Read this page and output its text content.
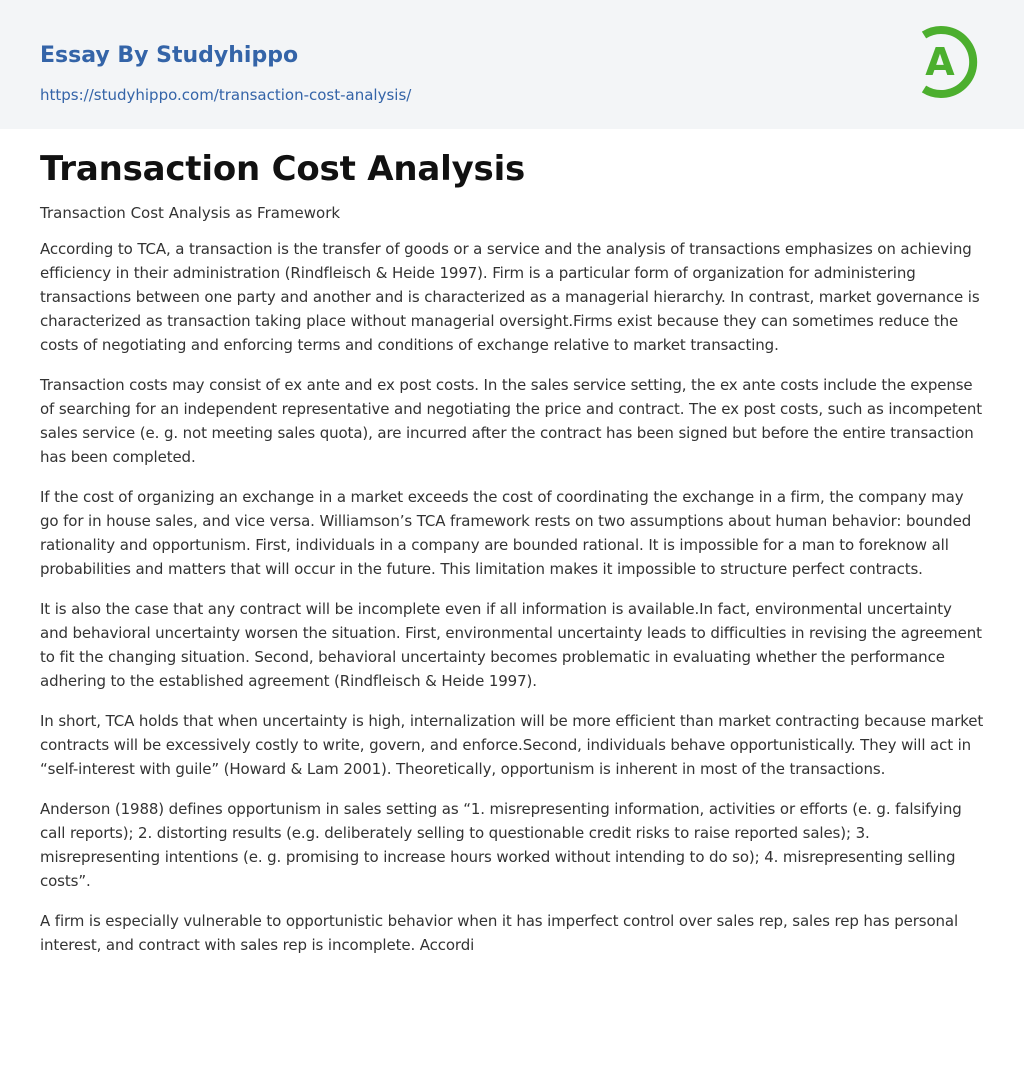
Essay By Studyhippo
https://studyhippo.com/transaction-cost-analysis/
A
Transaction Cost Analysis

Transaction Cost Analysis as Framework

According to TCA, a transaction is the transfer of goods or a service and the analysis of transactions emphasizes on achieving efficiency in their administration (Rindfleisch & Heide 1997). Firm is a particular form of organization for administering transactions between one party and another and is characterized as a managerial hierarchy. In contrast, market governance is characterized as transaction taking place without managerial oversight.Firms exist because they can sometimes reduce the costs of negotiating and enforcing terms and conditions of exchange relative to market transacting.

Transaction costs may consist of ex ante and ex post costs. In the sales service setting, the ex ante costs include the expense of searching for an independent representative and negotiating the price and contract. The ex post costs, such as incompetent sales service (e. g. not meeting sales quota), are incurred after the contract has been signed but before the entire transaction has been completed.

If the cost of organizing an exchange in a market exceeds the cost of coordinating the exchange in a firm, the company may go for in house sales, and vice versa. Williamson’s TCA framework rests on two assumptions about human behavior: bounded rationality and opportunism. First, individuals in a company are bounded rational. It is impossible for a man to foreknow all probabilities and matters that will occur in the future. This limitation makes it impossible to structure perfect contracts.

It is also the case that any contract will be incomplete even if all information is available.In fact, environmental uncertainty and behavioral uncertainty worsen the situation. First, environmental uncertainty leads to difficulties in revising the agreement to fit the changing situation. Second, behavioral uncertainty becomes problematic in evaluating whether the performance adhering to the established agreement (Rindfleisch & Heide 1997).

In short, TCA holds that when uncertainty is high, internalization will be more efficient than market contracting because market contracts will be excessively costly to write, govern, and enforce.Second, individuals behave opportunistically. They will act in “self-interest with guile” (Howard & Lam 2001). Theoretically, opportunism is inherent in most of the transactions.

Anderson (1988) defines opportunism in sales setting as “1. misrepresenting information, activities or efforts (e. g. falsifying call reports); 2. distorting results (e.g. deliberately selling to questionable credit risks to raise reported sales); 3. misrepresenting intentions (e. g. promising to increase hours worked without intending to do so); 4. misrepresenting selling costs”.

A firm is especially vulnerable to opportunistic behavior when it has imperfect control over sales rep, sales rep has personal interest, and contract with sales rep is incomplete. Accordi
